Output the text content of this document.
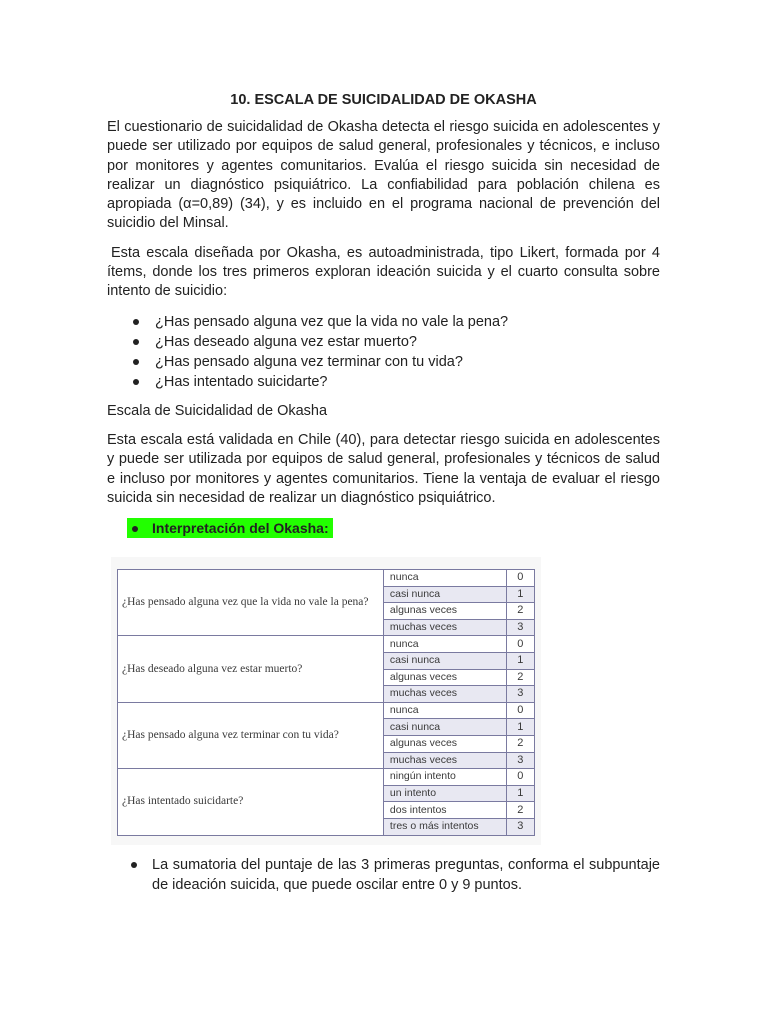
10. ESCALA DE SUICIDALIDAD DE OKASHA

El cuestionario de suicidalidad de Okasha detecta el riesgo suicida en adolescentes y puede ser utilizado por equipos de salud general, profesionales y técnicos, e incluso por monitores y agentes comunitarios. Evalúa el riesgo suicida sin necesidad de realizar un diagnóstico psiquiátrico. La confiabilidad para población chilena es apropiada (α=0,89) (34), y es incluido en el programa nacional de prevención del suicidio del Minsal.

Esta escala diseñada por Okasha, es autoadministrada, tipo Likert, formada por 4 ítems, donde los tres primeros exploran ideación suicida y el cuarto consulta sobre intento de suicidio:

¿Has pensado alguna vez que la vida no vale la pena?
¿Has deseado alguna vez estar muerto?
¿Has pensado alguna vez terminar con tu vida?
¿Has intentado suicidarte?

Escala de Suicidalidad de Okasha

Esta escala está validada en Chile (40), para detectar riesgo suicida en adolescentes y puede ser utilizada por equipos de salud general, profesionales y técnicos de salud e incluso por monitores y agentes comunitarios. Tiene la ventaja de evaluar el riesgo suicida sin necesidad de realizar un diagnóstico psiquiátrico.

Interpretación del Okasha:
¿Has pensado alguna vez que la vida no vale la pena?	nunca	0
	casi nunca	1
	algunas veces	2
	muchas veces	3
¿Has deseado alguna vez estar muerto?	nunca	0
	casi nunca	1
	algunas veces	2
	muchas veces	3
¿Has pensado alguna vez terminar con tu vida?	nunca	0
	casi nunca	1
	algunas veces	2
	muchas veces	3
¿Has intentado suicidarte?	ningún intento	0
	un intento	1
	dos intentos	2
	tres o más intentos	3
La sumatoria del puntaje de las 3 primeras preguntas, conforma el subpuntaje de ideación suicida, que puede oscilar entre 0 y 9 puntos.
